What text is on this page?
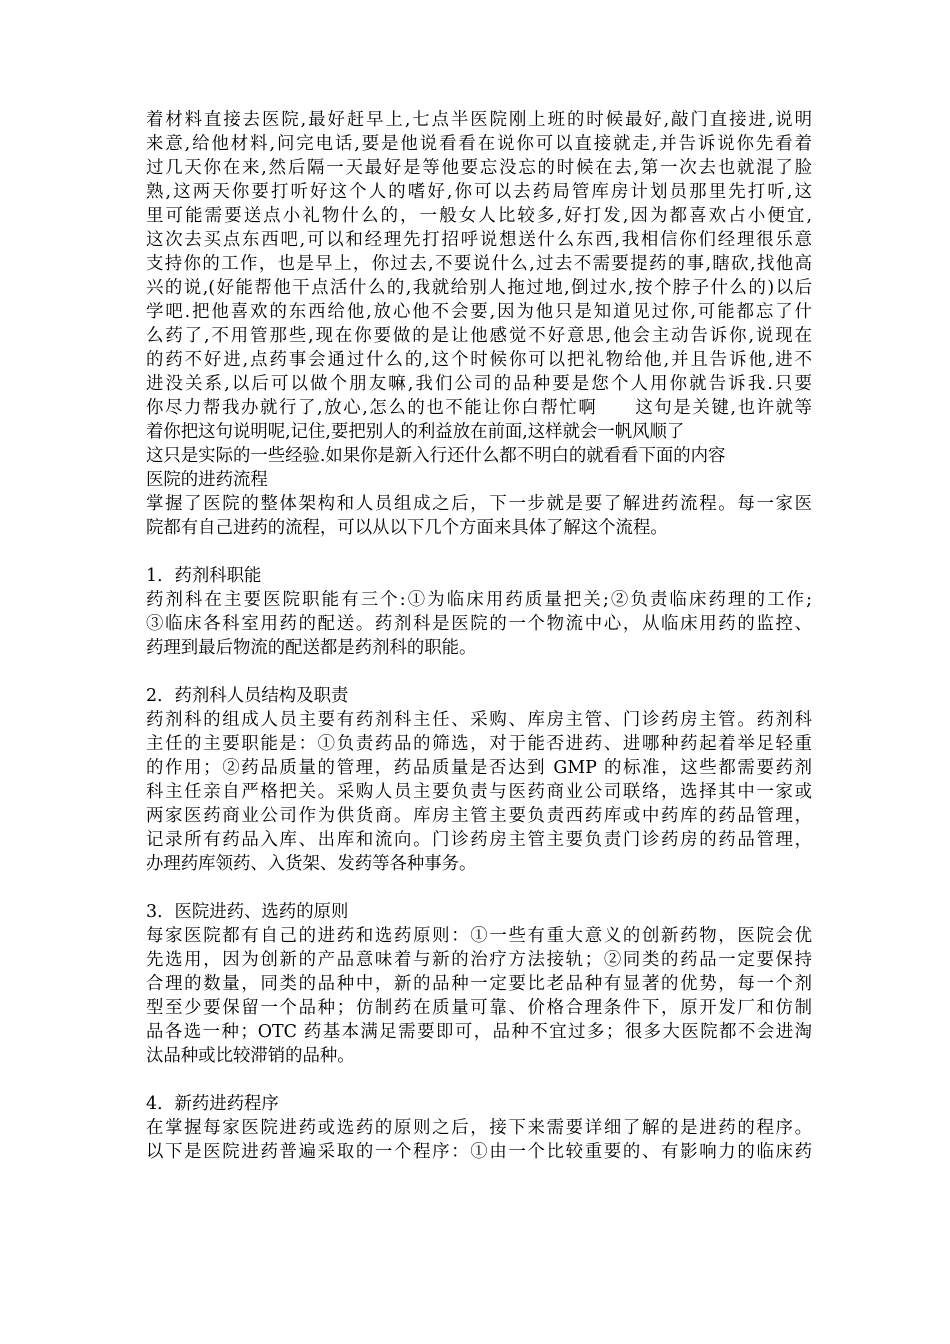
着材料直接去医院,最好赶早上,七点半医院刚上班的时候最好,敲门直接进,说明
来意,给他材料,问完电话,要是他说看看在说你可以直接就走,并告诉说你先看着
过几天你在来,然后隔一天最好是等他要忘没忘的时候在去,第一次去也就混了脸
熟,这两天你要打听好这个人的嗜好,你可以去药局管库房计划员那里先打听,这
里可能需要送点小礼物什么的，一般女人比较多,好打发,因为都喜欢占小便宜,
这次去买点东西吧,可以和经理先打招呼说想送什么东西,我相信你们经理很乐意
支持你的工作，也是早上，你过去,不要说什么,过去不需要提药的事,瞎砍,找他高
兴的说,(好能帮他干点活什么的,我就给别人拖过地,倒过水,按个脖子什么的)以后
学吧.把他喜欢的东西给他,放心他不会要,因为他只是知道见过你,可能都忘了什
么药了,不用管那些,现在你要做的是让他感觉不好意思,他会主动告诉你,说现在
的药不好进,点药事会通过什么的,这个时候你可以把礼物给他,并且告诉他,进不
进没关系,以后可以做个朋友嘛,我们公司的品种要是您个人用你就告诉我.只要
你尽力帮我办就行了,放心,怎么的也不能让你白帮忙啊　　这句是关键,也许就等
着你把这句说明呢,记住,要把别人的利益放在前面,这样就会一帆风顺了
这只是实际的一些经验.如果你是新入行还什么都不明白的就看看下面的内容
医院的进药流程
掌握了医院的整体架构和人员组成之后，下一步就是要了解进药流程。每一家医
院都有自己进药的流程，可以从以下几个方面来具体了解这个流程。
1．药剂科职能
药剂科在主要医院职能有三个:①为临床用药质量把关;②负责临床药理的工作;
③临床各科室用药的配送。药剂科是医院的一个物流中心，从临床用药的监控、
药理到最后物流的配送都是药剂科的职能。
2．药剂科人员结构及职责
药剂科的组成人员主要有药剂科主任、采购、库房主管、门诊药房主管。药剂科
主任的主要职能是：①负责药品的筛选，对于能否进药、进哪种药起着举足轻重
的作用；②药品质量的管理，药品质量是否达到 GMP 的标准，这些都需要药剂
科主任亲自严格把关。采购人员主要负责与医药商业公司联络，选择其中一家或
两家医药商业公司作为供货商。库房主管主要负责西药库或中药库的药品管理，
记录所有药品入库、出库和流向。门诊药房主管主要负责门诊药房的药品管理，
办理药库领药、入货架、发药等各种事务。
3．医院进药、选药的原则
每家医院都有自己的进药和选药原则：①一些有重大意义的创新药物，医院会优
先选用，因为创新的产品意味着与新的治疗方法接轨；②同类的药品一定要保持
合理的数量，同类的品种中，新的品种一定要比老品种有显著的优势，每一个剂
型至少要保留一个品种；仿制药在质量可靠、价格合理条件下，原开发厂和仿制
品各选一种；OTC 药基本满足需要即可，品种不宜过多；很多大医院都不会进淘
汰品种或比较滞销的品种。
4．新药进药程序
在掌握每家医院进药或选药的原则之后，接下来需要详细了解的是进药的程序。
以下是医院进药普遍采取的一个程序：①由一个比较重要的、有影响力的临床药
